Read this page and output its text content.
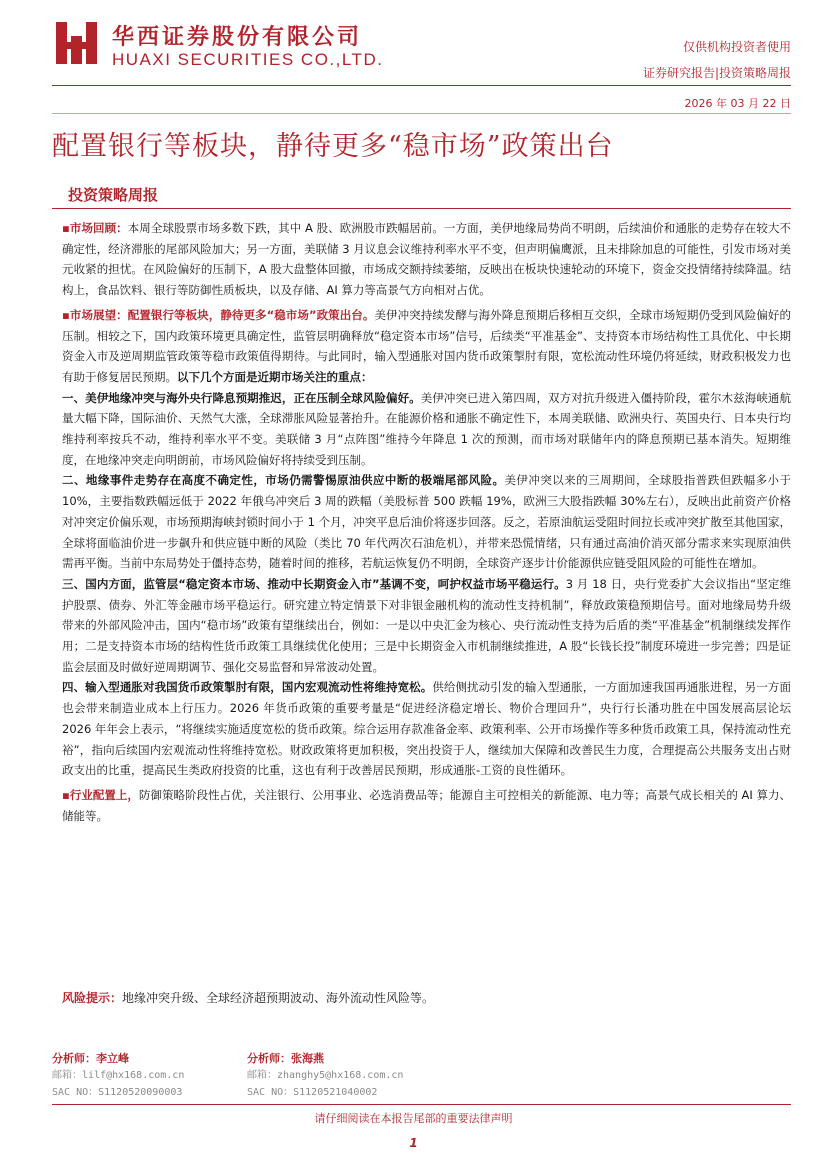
华西证券股份有限公司
HUAXI SECURITIES CO.,LTD.
仅供机构投资者使用
证券研究报告|投资策略周报
2026 年 03 月 22 日
配置银行等板块，静待更多“稳市场”政策出台
投资策略周报

▪市场回顾：本周全球股票市场多数下跌，其中 A 股、欧洲股市跌幅居前。一方面，美伊地缘局势尚不明朗，后续油价和通胀的走势存在较大不确定性，经济滞胀的尾部风险加大；另一方面，美联储 3 月议息会议维持利率水平不变，但声明偏鹰派，且未排除加息的可能性，引发市场对美元收紧的担忧。在风险偏好的压制下，A 股大盘整体回撤，市场成交额持续萎缩，反映出在板块快速轮动的环境下，资金交投情绪持续降温。结构上，食品饮料、银行等防御性质板块，以及存储、AI 算力等高景气方向相对占优。

▪市场展望：配置银行等板块，静待更多“稳市场”政策出台。美伊冲突持续发酵与海外降息预期后移相互交织，全球市场短期仍受到风险偏好的压制。相较之下，国内政策环境更具确定性，监管层明确释放“稳定资本市场”信号，后续类“平准基金”、支持资本市场结构性工具优化、中长期资金入市及逆周期监管政策等稳市政策值得期待。与此同时，输入型通胀对国内货币政策掣肘有限，宽松流动性环境仍将延续，财政积极发力也有助于修复居民预期。以下几个方面是近期市场关注的重点：

一、美伊地缘冲突与海外央行降息预期推迟，正在压制全球风险偏好。美伊冲突已进入第四周，双方对抗升级进入僵持阶段，霍尔木兹海峡通航量大幅下降，国际油价、天然气大涨，全球滞胀风险显著抬升。在能源价格和通胀不确定性下，本周美联储、欧洲央行、英国央行、日本央行均维持利率按兵不动，维持利率水平不变。美联储 3 月“点阵图”维持今年降息 1 次的预测，而市场对联储年内的降息预期已基本消失。短期维度，在地缘冲突走向明朗前，市场风险偏好将持续受到压制。

二、地缘事件走势存在高度不确定性，市场仍需警惕原油供应中断的极端尾部风险。美伊冲突以来的三周期间，全球股指普跌但跌幅多小于 10%，主要指数跌幅远低于 2022 年俄乌冲突后 3 周的跌幅（美股标普 500 跌幅 19%，欧洲三大股指跌幅 30%左右），反映出此前资产价格对冲突定价偏乐观，市场预期海峡封锁时间小于 1 个月，冲突平息后油价将逐步回落。反之，若原油航运受阻时间拉长或冲突扩散至其他国家，全球将面临油价进一步飙升和供应链中断的风险（类比 70 年代两次石油危机），并带来恐慌情绪，只有通过高油价消灭部分需求来实现原油供需再平衡。当前中东局势处于僵持态势，随着时间的推移，若航运恢复仍不明朗，全球资产逐步计价能源供应链受阻风险的可能性在增加。

三、国内方面，监管层“稳定资本市场、推动中长期资金入市”基调不变，呵护权益市场平稳运行。3 月 18 日，央行党委扩大会议指出“坚定维护股票、债券、外汇等金融市场平稳运行。研究建立特定情景下对非银金融机构的流动性支持机制”，释放政策稳预期信号。面对地缘局势升级带来的外部风险冲击，国内“稳市场”政策有望继续出台，例如：一是以中央汇金为核心、央行流动性支持为后盾的类“平准基金”机制继续发挥作用；二是支持资本市场的结构性货币政策工具继续优化使用；三是中长期资金入市机制继续推进，A 股“长钱长投”制度环境进一步完善；四是证监会层面及时做好逆周期调节、强化交易监督和异常波动处置。

四、输入型通胀对我国货币政策掣肘有限，国内宏观流动性将维持宽松。供给侧扰动引发的输入型通胀，一方面加速我国再通胀进程，另一方面也会带来制造业成本上行压力。2026 年货币政策的重要考量是“促进经济稳定增长、物价合理回升”，央行行长潘功胜在中国发展高层论坛 2026 年年会上表示，“将继续实施适度宽松的货币政策。综合运用存款准备金率、政策利率、公开市场操作等多种货币政策工具，保持流动性充裕”，指向后续国内宏观流动性将维持宽松。财政政策将更加积极，突出投资于人，继续加大保障和改善民生力度，合理提高公共服务支出占财政支出的比重，提高民生类政府投资的比重，这也有利于改善居民预期，形成通胀-工资的良性循环。

▪行业配置上，防御策略阶段性占优，关注银行、公用事业、必选消费品等；能源自主可控相关的新能源、电力等；高景气成长相关的 AI 算力、储能等。

风险提示：地缘冲突升级、全球经济超预期波动、海外流动性风险等。
分析师：李立峰
邮箱：lilf@hx168.com.cn
SAC NO：S1120520090003
分析师：张海燕
邮箱：zhanghy5@hx168.com.cn
SAC NO：S1120521040002
请仔细阅读在本报告尾部的重要法律声明
1
